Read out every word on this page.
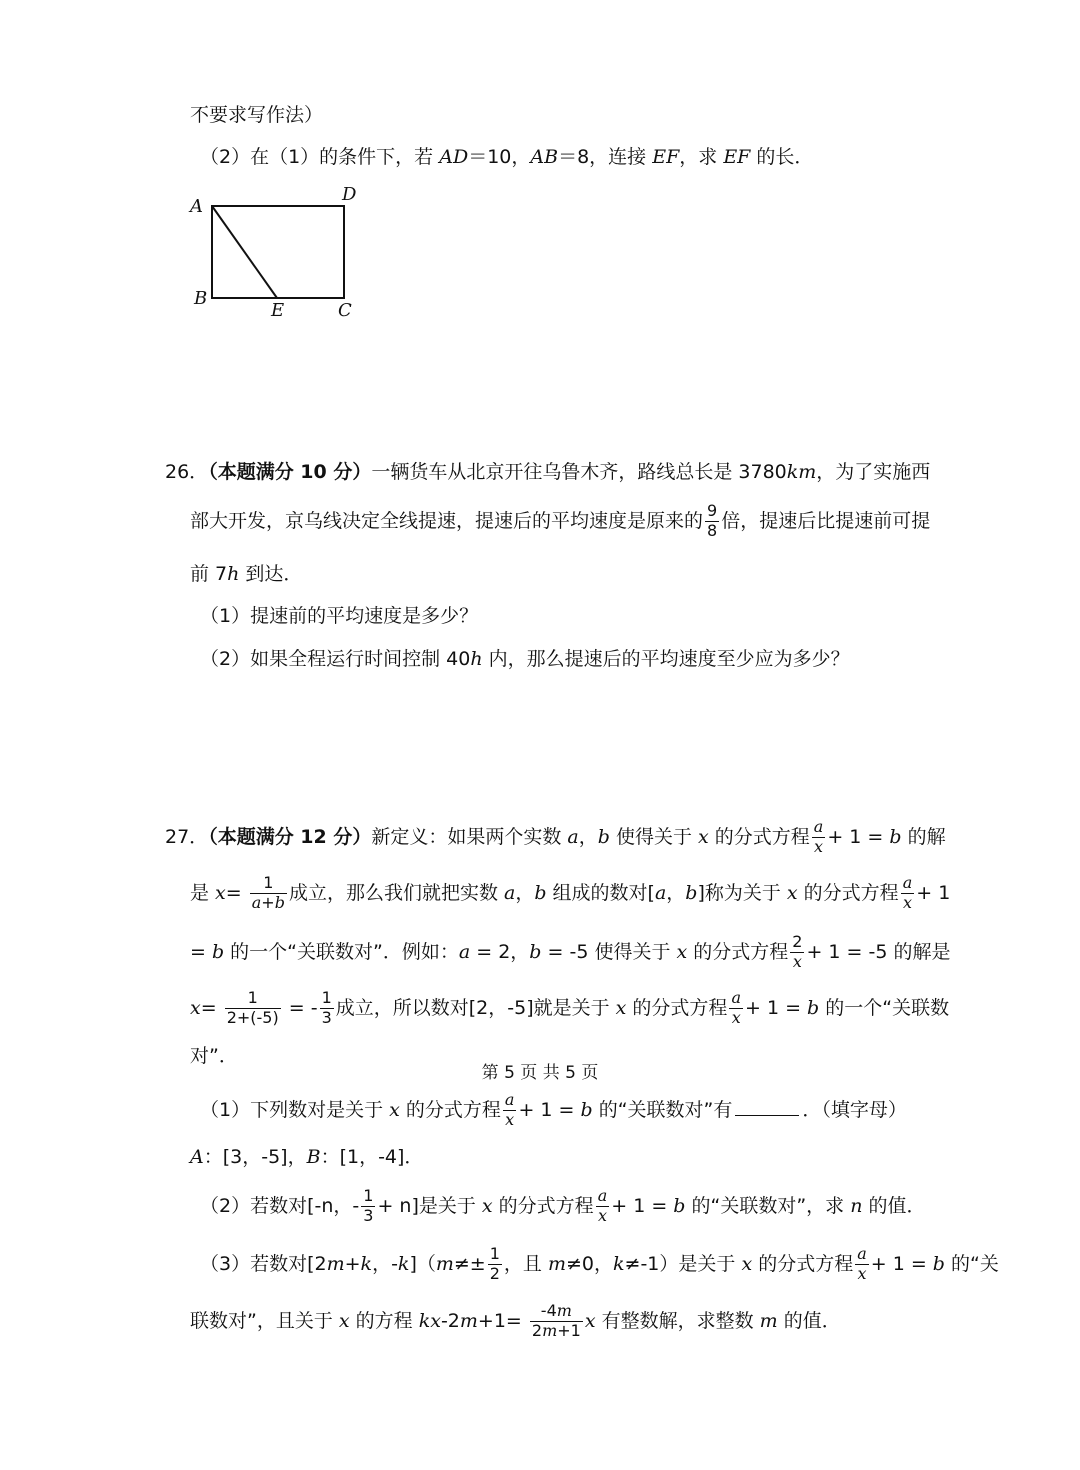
不要求写作法）
（2）在（1）的条件下，若 AD＝10，AB＝8，连接 EF，求 EF 的长．
A
D
B
E	C
26．（本题满分 10 分）一辆货车从北京开往乌鲁木齐，路线总长是 3780km，为了实施西
部大开发，京乌线决定全线提速，提速后的平均速度是原来的 $\frac{9}{8}$ 倍，提速后比提速前可提
前 7h 到达．
（1）提速前的平均速度是多少？
（2）如果全程运行时间控制 40h 内，那么提速后的平均速度至少应为多少？
27．（本题满分 12 分）新定义：如果两个实数 a，b 使得关于 x 的分式方程 $\frac{a}{x} + 1 = b$ 的解
是 $x= \frac{1}{a+b}$ 成立，那么我们就把实数 a，b 组成的数对[a，b]称为关于 x 的分式方程 $\frac{a}{x} + 1$
= b 的一个“关联数对”．例如：a = 2，b = -5 使得关于 x 的分式方程 $\frac{2}{x} + 1 = -5$ 的解是
$x= \frac{1}{2+(-5)}$ = - $\frac{1}{3}$ 成立，所以数对[2，-5]就是关于 x 的分式方程 $\frac{a}{x} + 1 = b$ 的一个“关联数
对”．
（1）下列数对是关于 x 的分式方程 $\frac{a}{x} + 1 = b$ 的“关联数对”有	．（填字母）
A：[3，-5]，B：[1，-4]．
（2）若数对[-n，- $\frac{1}{3} + n$]是关于 x 的分式方程 $\frac{a}{x} + 1 = b$ 的“关联数对”，求 n 的值．
（3）若数对[2m+k，$-k](m\ne\pm \frac{1}{2}$ ，且 m≠0，k≠-1）是关于 x 的分式方程 $\frac{a}{x} + 1 = b$ 的“关
联数对”，且关于 x 的方程 $kx-2m+1= \frac{-4m}{2m+1}$ x 有整数解，求整数 m 的值．
第 5 页 共 5 页
